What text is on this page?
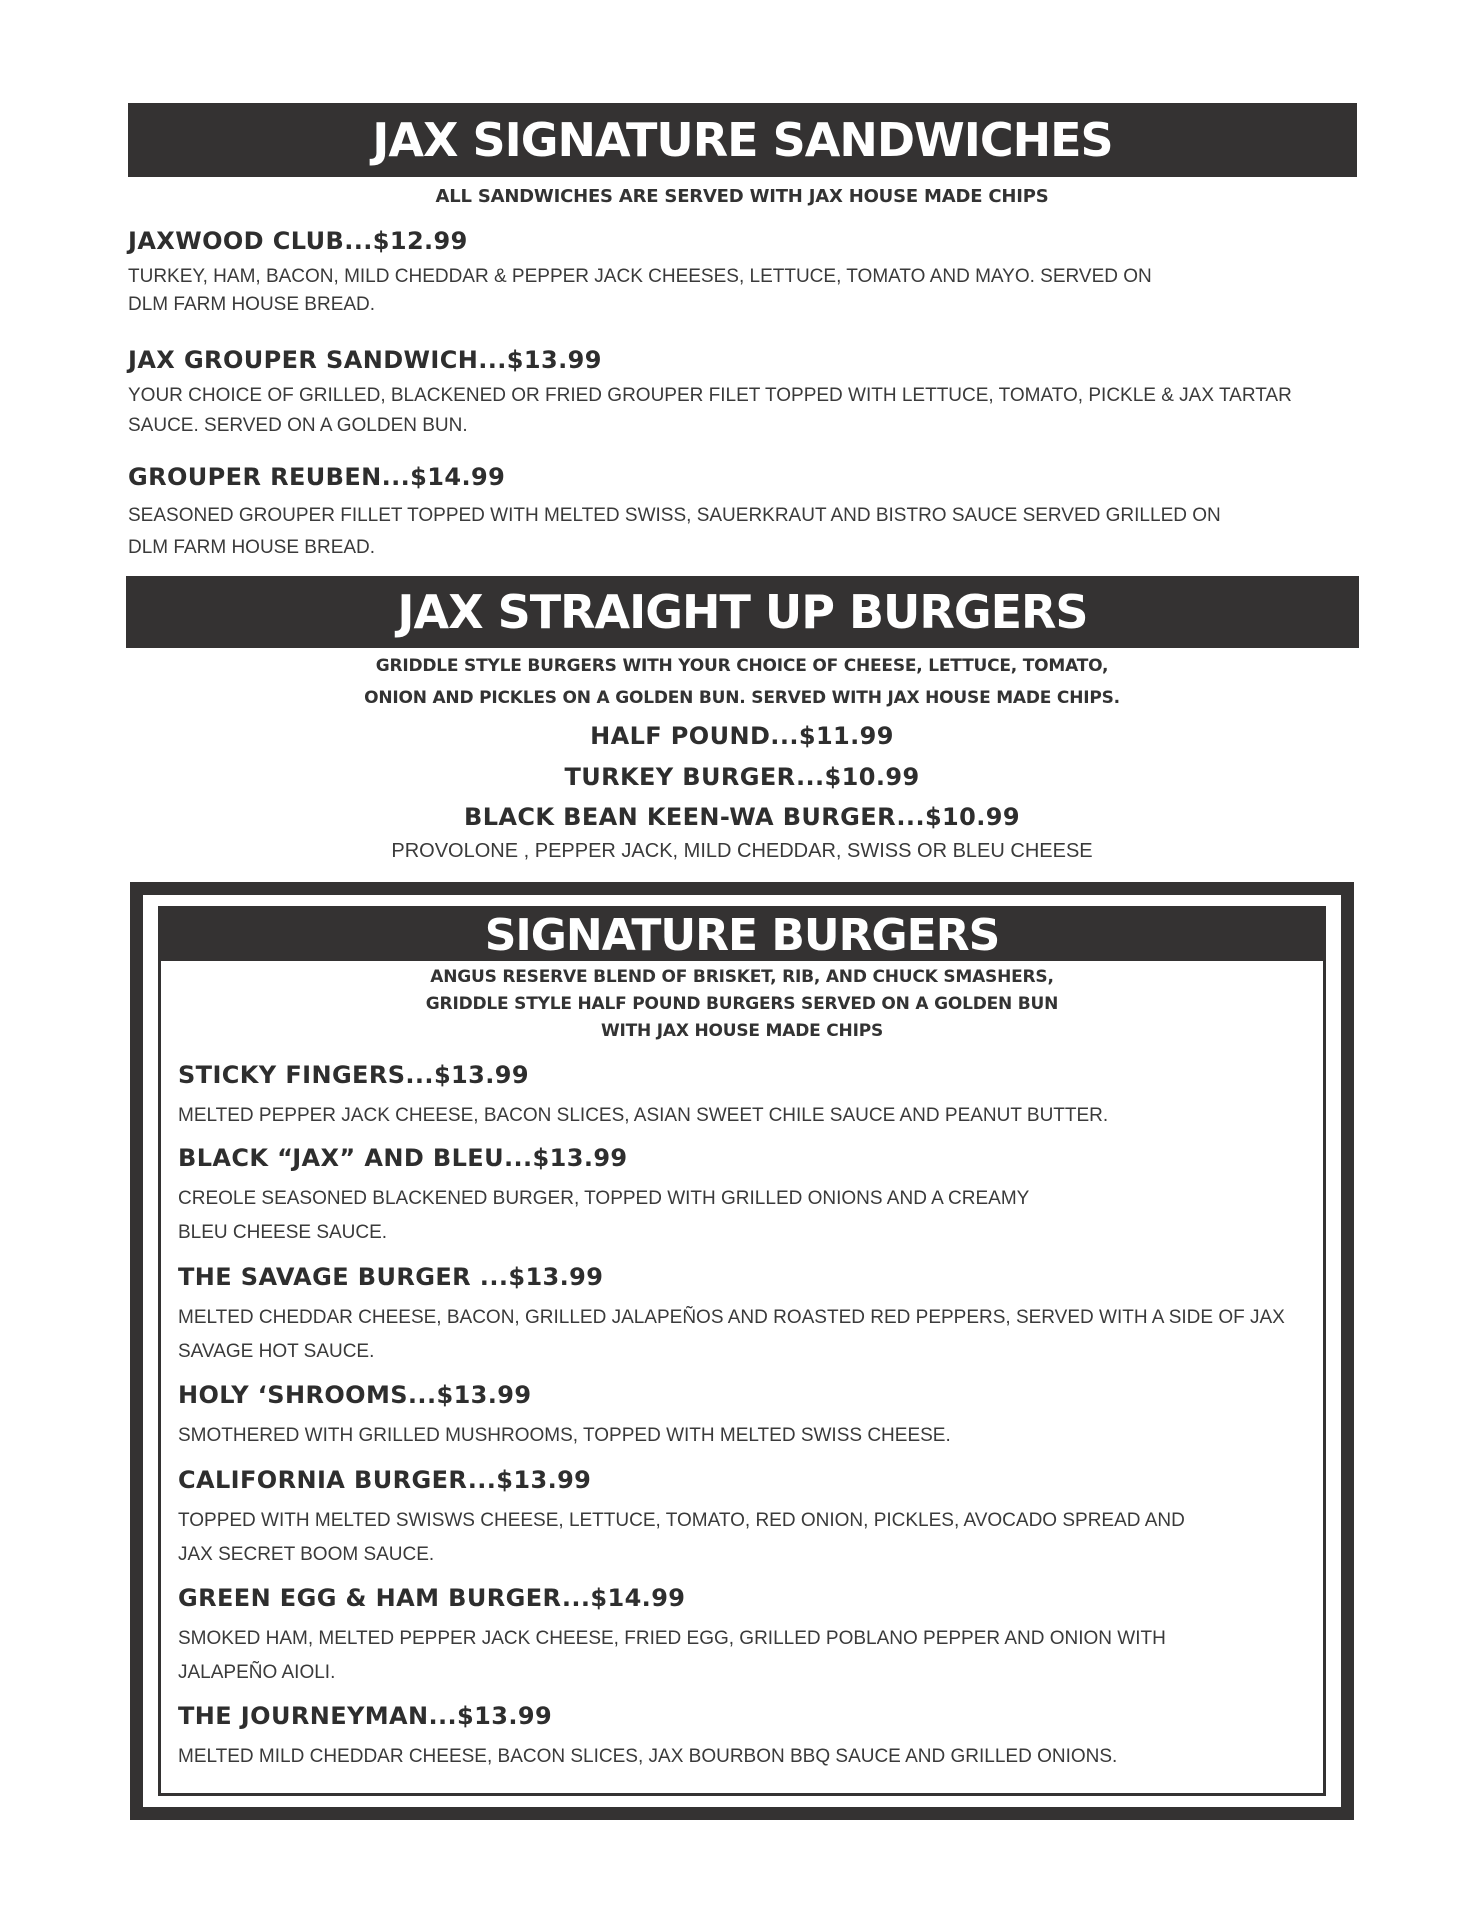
JAX SIGNATURE SANDWICHES
ALL SANDWICHES ARE SERVED WITH JAX HOUSE MADE CHIPS
JAXWOOD CLUB...$12.99
TURKEY, HAM, BACON, MILD CHEDDAR & PEPPER JACK CHEESES, LETTUCE, TOMATO AND MAYO. SERVED ON
DLM FARM HOUSE BREAD.
JAX GROUPER SANDWICH...$13.99
YOUR CHOICE OF GRILLED, BLACKENED OR FRIED GROUPER FILET TOPPED WITH LETTUCE, TOMATO, PICKLE & JAX TARTAR
SAUCE. SERVED ON A GOLDEN BUN.
GROUPER REUBEN...$14.99
SEASONED GROUPER FILLET TOPPED WITH MELTED SWISS, SAUERKRAUT AND BISTRO SAUCE SERVED GRILLED ON
DLM FARM HOUSE BREAD.
JAX STRAIGHT UP BURGERS
GRIDDLE STYLE BURGERS WITH YOUR CHOICE OF CHEESE, LETTUCE, TOMATO,
ONION AND PICKLES ON A GOLDEN BUN. SERVED WITH JAX HOUSE MADE CHIPS.
HALF POUND...$11.99
TURKEY BURGER...$10.99
BLACK BEAN KEEN-WA BURGER...$10.99
PROVOLONE , PEPPER JACK, MILD CHEDDAR, SWISS OR BLEU CHEESE
SIGNATURE BURGERS
ANGUS RESERVE BLEND OF BRISKET, RIB, AND CHUCK SMASHERS,
GRIDDLE STYLE HALF POUND BURGERS SERVED ON A GOLDEN BUN
WITH JAX HOUSE MADE CHIPS
STICKY FINGERS...$13.99
MELTED PEPPER JACK CHEESE, BACON SLICES, ASIAN SWEET CHILE SAUCE AND PEANUT BUTTER.
BLACK “JAX” AND BLEU...$13.99
CREOLE SEASONED BLACKENED BURGER, TOPPED WITH GRILLED ONIONS AND A CREAMY
BLEU CHEESE SAUCE.
THE SAVAGE BURGER ...$13.99
MELTED CHEDDAR CHEESE, BACON, GRILLED JALAPEÑOS AND ROASTED RED PEPPERS, SERVED WITH A SIDE OF JAX
SAVAGE HOT SAUCE.
HOLY ‘SHROOMS...$13.99
SMOTHERED WITH GRILLED MUSHROOMS, TOPPED WITH MELTED SWISS CHEESE.
CALIFORNIA BURGER...$13.99
TOPPED WITH MELTED SWISWS CHEESE, LETTUCE, TOMATO, RED ONION, PICKLES, AVOCADO SPREAD AND
JAX SECRET BOOM SAUCE.
GREEN EGG & HAM BURGER...$14.99
SMOKED HAM, MELTED PEPPER JACK CHEESE, FRIED EGG, GRILLED POBLANO PEPPER AND ONION WITH
JALAPEÑO AIOLI.
THE JOURNEYMAN...$13.99
MELTED MILD CHEDDAR CHEESE, BACON SLICES, JAX BOURBON BBQ SAUCE AND GRILLED ONIONS.
